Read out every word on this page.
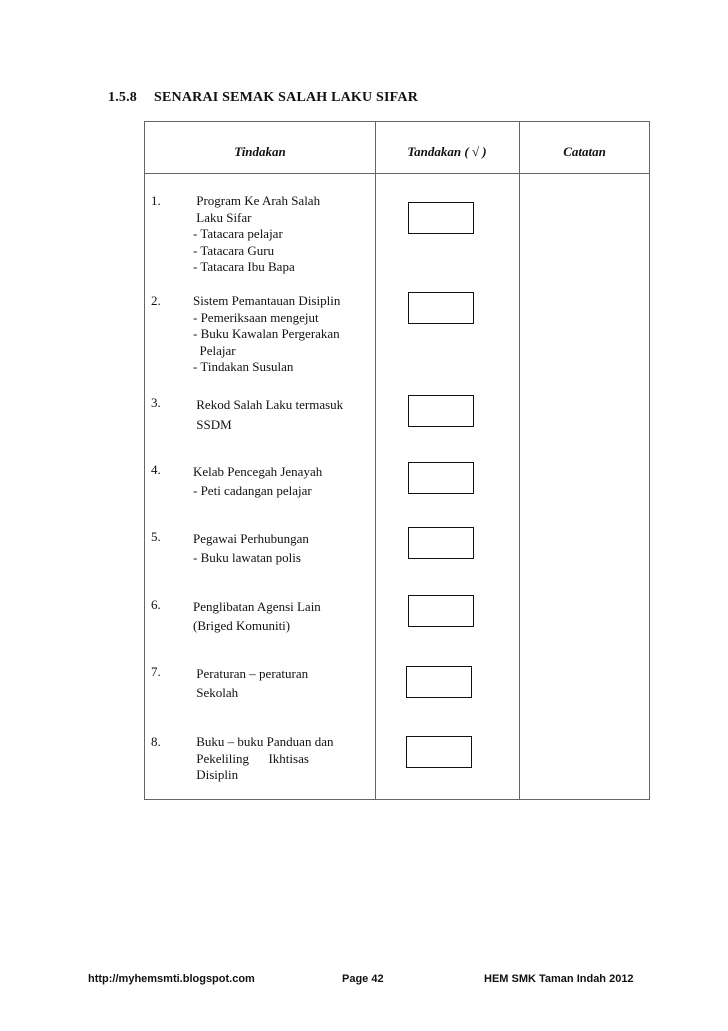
1.5.8 SENARAI SEMAK SALAH LAKU SIFAR
Tindakan	Tandakan ( √ )	Catatan
1. Program Ke Arah Salah
Laku Sifar
- Tatacara pelajar
- Tatacara Guru
- Tatacara Ibu Bapa
2. Sistem Pemantauan Disiplin
- Pemeriksaan mengejut
- Buku Kawalan Pergerakan
Pelajar
- Tindakan Susulan
3. Rekod Salah Laku termasuk
SSDM
4. Kelab Pencegah Jenayah
- Peti cadangan pelajar
5. Pegawai Perhubungan
- Buku lawatan polis
6. Penglibatan Agensi Lain
(Briged Komuniti)
7. Peraturan – peraturan
Sekolah
8. Buku – buku Panduan dan
Pekeliling      Ikhtisas
Disiplin
http://myhemsmti.blogspot.com	Page 42	HEM SMK Taman Indah 2012
